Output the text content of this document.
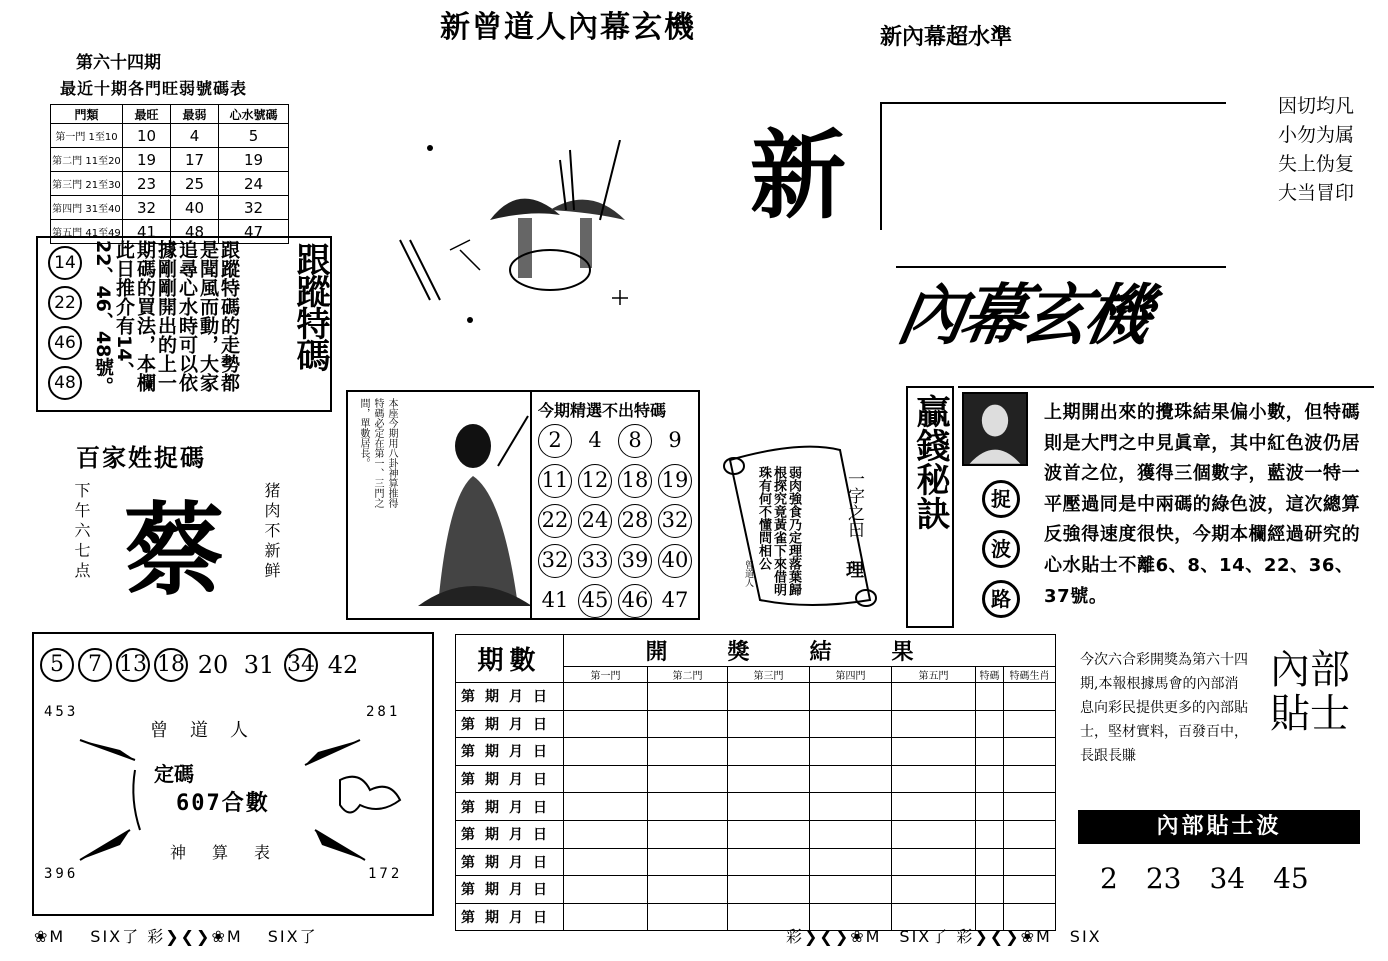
新曾道人內幕玄機	新內幕超水準
第六十四期
最近十期各門旺弱號碼表
門類	最旺	最弱	心水號碼
第一門 1至10	10	4	5
第二門 11至20	19	17	19
第三門 21至30	23	25	24
第四門 31至40	32	40	32
第五門 41至49	41	48	47
14
22
46
48	跟蹤特碼的走勢都是聞風而動，大家追尋心水時可以依據剛剛開出的上一期碼的買法，本欄此日推介有14、22、46、48號。	跟蹤特碼
百家姓捉碼
下午六七点 蔡 猪肉不新鲜
新
內幕玄機
因切均凡
小勿为属
失上伪复
大当冒印
本座今期用八卦神算推得特碼必定在第一、三門之間，單數居長。	今期精選不出特碼
2	4	8	9
11 12 18 19
22 24 28 32
32 33 39 40
41 45 46 47
弱肉強食乃定理落葉歸根探究竟黃雀下來借明珠有何不懂問相公	一字之曰
理
曾道人
贏錢秘訣	捉
波
路
上期開出來的攪珠結果偏小數，但特碼則是大門之中見眞章，其中紅色波仍居波首之位，獲得三個數字，藍波一特一平壓過同是中兩碼的綠色波，這次總算反強得速度很快，今期本欄經過研究的心水貼士不離6、8、14、22、36、37號。
5	7 13 18 20 31 34 42
453	281
396	172
曾道人
定碼
607合數
神算表
期數	開獎結果						
	第一門	第二門	第三門	第四門	第五門	特碼	特碼生肖
第期月日							
第期月日							
第期月日							
第期月日							
第期月日							
第期月日							
第期月日							
第期月日							
第期月日							
今次六合彩開獎為第六十四期,本報根據馬會的內部消息向彩民提供更多的內部貼士，堅材實料，百發百中，長跟長賺
內部貼士
內部貼士波
2 23 34 45
❀M 　SIX了 彩❯❮❯❀M 　SIX了	彩❯❮❯❀M　SIX了 彩❯❮❯❀M　SIX
